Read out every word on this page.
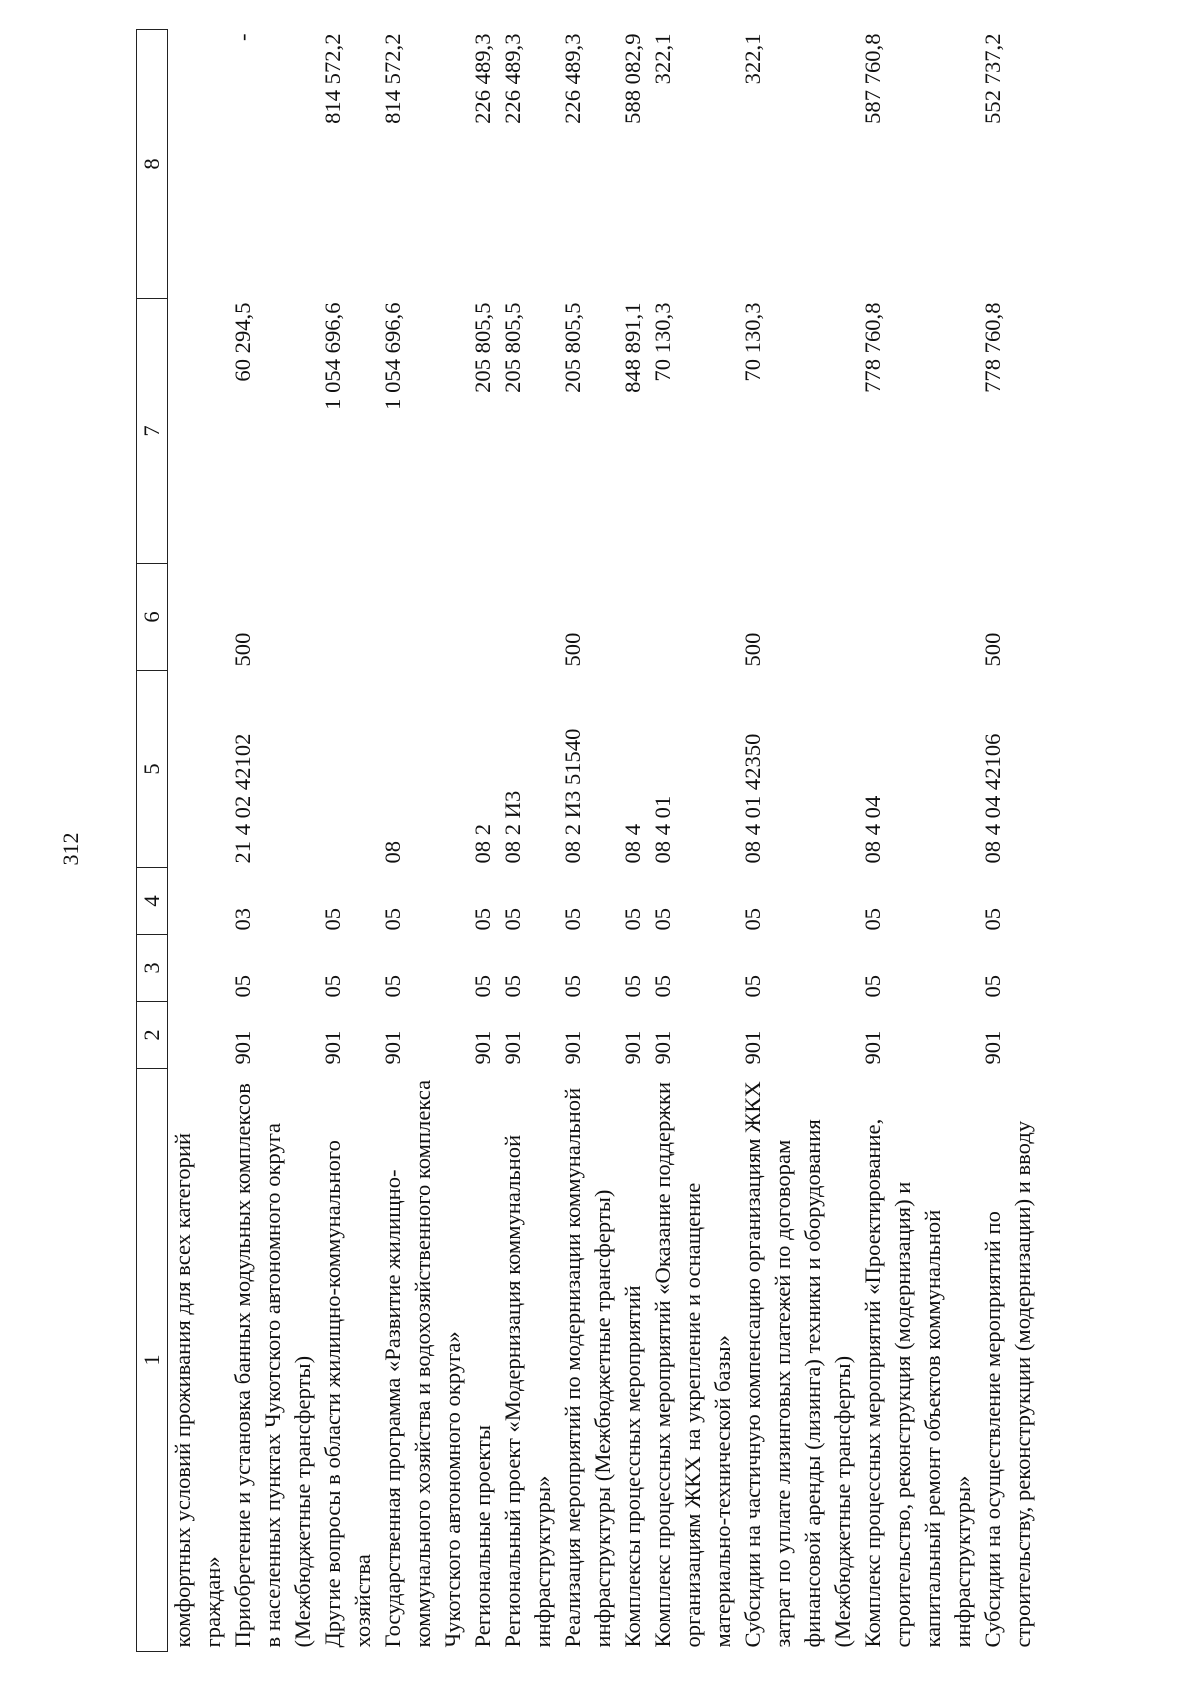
312
1	2	3	4	5	6	7	8
комфортных условий проживания для всех категорий граждан»							
Приобретение и установка банных модульных комплексов в населенных пунктах Чукотского автономного округа (Межбюджетные трансферты)	901	05	03	21 4 02 42102	500	60 294,5	-
Другие вопросы в области жилищно-коммунального хозяйства	901	05	05			1 054 696,6	814 572,2
Государственная программа «Развитие жилищно-коммунального хозяйства и водохозяйственного комплекса Чукотского автономного округа»	901	05	05	08		1 054 696,6	814 572,2
Региональные проекты	901	05	05	08 2		205 805,5	226 489,3
Региональный проект «Модернизация коммунальной инфраструктуры»	901	05	05	08 2 И3		205 805,5	226 489,3
Реализация мероприятий по модернизации коммунальной инфраструктуры (Межбюджетные трансферты)	901	05	05	08 2 И3 51540	500	205 805,5	226 489,3
Комплексы процессных мероприятий	901	05	05	08 4		848 891,1	588 082,9
Комплекс процессных мероприятий «Оказание поддержки организациям ЖКХ на укрепление и оснащение материально-технической базы»	901	05	05	08 4 01		70 130,3	322,1
Субсидии на частичную компенсацию организациям ЖКХ затрат по уплате лизинговых платежей по договорам финансовой аренды (лизинга) техники и оборудования (Межбюджетные трансферты)	901	05	05	08 4 01 42350	500	70 130,3	322,1
Комплекс процессных мероприятий «Проектирование, строительство, реконструкция (модернизация) и капитальный ремонт объектов коммунальной инфраструктуры»	901	05	05	08 4 04		778 760,8	587 760,8
Субсидии на осуществление мероприятий по строительству, реконструкции (модернизации) и вводу	901	05	05	08 4 04 42106	500	778 760,8	552 737,2
